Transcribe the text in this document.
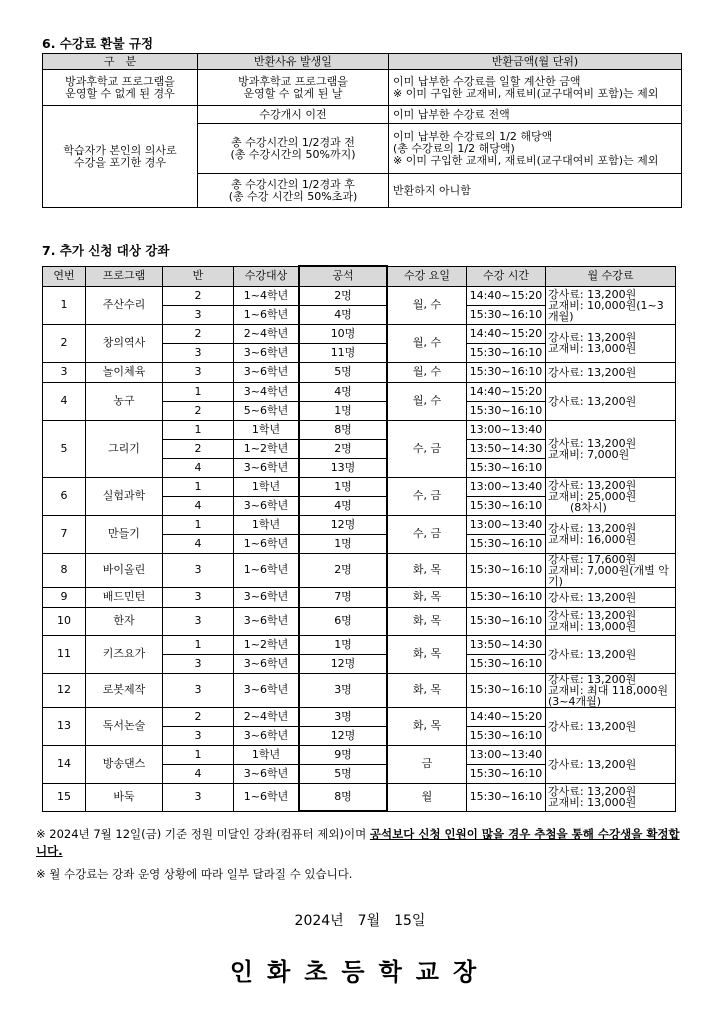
6. 수강료 환불 규정
구　분	반환사유 발생일	반환금액(월 단위)
방과후학교 프로그램을
운영할 수 없게 된 경우	방과후학교 프로그램을
운영할 수 없게 된 날	이미 납부한 수강료를 일할 계산한 금액
※ 이미 구입한 교재비, 재료비(교구대여비 포함)는 제외
학습자가 본인의 의사로
수강을 포기한 경우	수강개시 이전	이미 납부한 수강료 전액
	총 수강시간의 1/2경과 전
(총 수강시간의 50%까지)	이미 납부한 수강료의 1/2 해당액
(총 수강료의 1/2 해당액)
※ 이미 구입한 교재비, 재료비(교구대여비 포함)는 제외
	총 수강시간의 1/2경과 후
(총 수강 시간의 50%초과)	반환하지 아니함
7. 추가 신청 대상 강좌
연번	프로그램	반	수강대상	공석	수강 요일	수강 시간	월 수강료
1	주산수리	2	1~4학년	2명	월, 수	14:40~15:20	강사료: 13,200원
교재비: 10,000원(1~3개월)
		3	1~6학년	4명		15:30~16:10	
2	창의역사	2	2~4학년	10명	월, 수	14:40~15:20	강사료: 13,200원
교재비: 13,000원
		3	3~6학년	11명		15:30~16:10	
3	놀이체육	3	3~6학년	5명	월, 수	15:30~16:10	강사료: 13,200원
4	농구	1	3~4학년	4명	월, 수	14:40~15:20	강사료: 13,200원
		2	5~6학년	1명		15:30~16:10	
5	그리기	1	1학년	8명	수, 금	13:00~13:40	강사료: 13,200원
교재비: 7,000원
		2	1~2학년	2명		13:50~14:30	
		4	3~6학년	13명		15:30~16:10	
6	실험과학	1	1학년	1명	수, 금	13:00~13:40	강사료: 13,200원
교재비: 25,000원
　　(8차시)
		4	3~6학년	4명		15:30~16:10	
7	만들기	1	1학년	12명	수, 금	13:00~13:40	강사료: 13,200원
교재비: 16,000원
		4	1~6학년	1명		15:30~16:10	
8	바이올린	3	1~6학년	2명	화, 목	15:30~16:10	강사료: 17,600원
교재비: 7,000원(개별 악기)
9	배드민턴	3	3~6학년	7명	화, 목	15:30~16:10	강사료: 13,200원
10	한자	3	3~6학년	6명	화, 목	15:30~16:10	강사료: 13,200원
교재비: 13,000원
11	키즈요가	1	1~2학년	1명	화, 목	13:50~14:30	강사료: 13,200원
		3	3~6학년	12명		15:30~16:10	
12	로봇제작	3	3~6학년	3명	화, 목	15:30~16:10	강사료: 13,200원
교재비: 최대 118,000원(3~4개월)
13	독서논술	2	2~4학년	3명	화, 목	14:40~15:20	강사료: 13,200원
		3	3~6학년	12명		15:30~16:10	
14	방송댄스	1	1학년	9명	금	13:00~13:40	강사료: 13,200원
		4	3~6학년	5명		15:30~16:10	
15	바둑	3	1~6학년	8명	월	15:30~16:10	강사료: 13,200원
교재비: 13,000원
※ 2024년 7월 12일(금) 기준 정원 미달인 강좌(컴퓨터 제외)이며 공석보다 신청 인원이 많을 경우 추첨을 통해 수강생을 확정합니다.
※ 월 수강료는 강좌 운영 상황에 따라 일부 달라질 수 있습니다.
2024년　7월　15일
인화초등학교장
